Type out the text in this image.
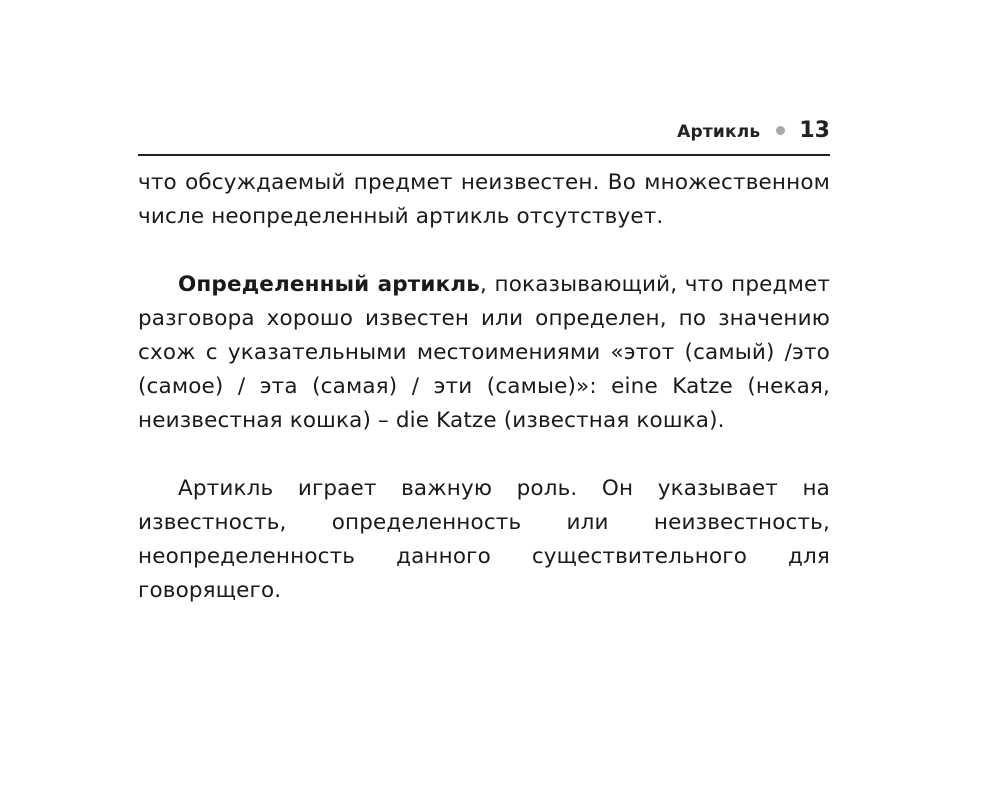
Артикль 13

что обсуждаемый предмет неизвестен. Во множественном числе неопределенный артикль отсутствует.

Определенный артикль, показывающий, что предмет разговора хорошо известен или определен, по значению схож с указательными местоимениями «этот (самый) /это (самое) / эта (самая) / эти (самые)»: eine Katze (некая, неизвестная кошка) – die Katze (известная кошка).

Артикль играет важную роль. Он указывает на известность, определенность или неизвестность, неопределенность данного существительного для говорящего.
